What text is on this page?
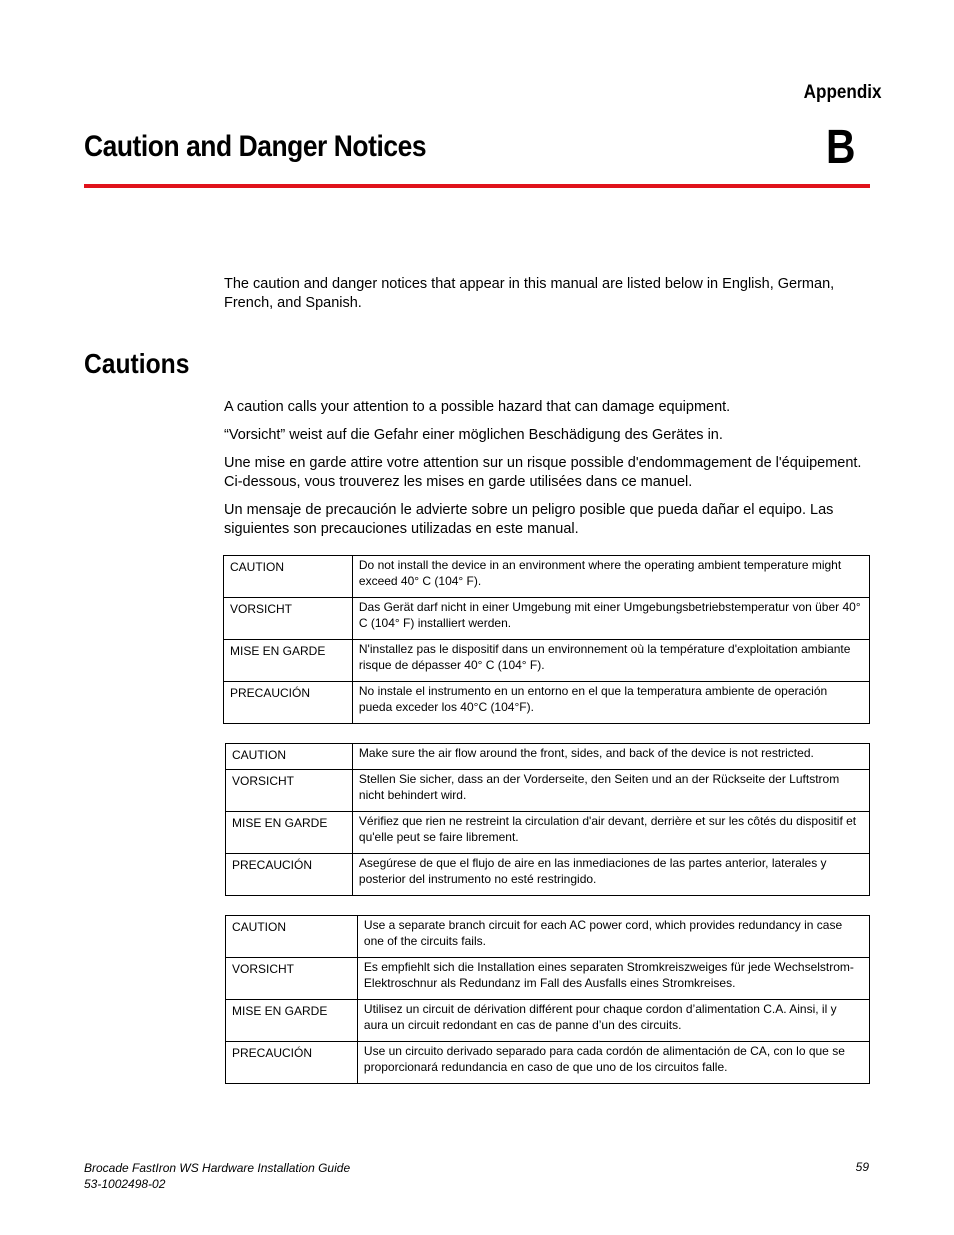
Appendix
Caution and Danger Notices	B

The caution and danger notices that appear in this manual are listed below in English, German, French, and Spanish.

Cautions

A caution calls your attention to a possible hazard that can damage equipment.

“Vorsicht” weist auf die Gefahr einer möglichen Beschädigung des Gerätes in.

Une mise en garde attire votre attention sur un risque possible d'endommagement de l'équipement. Ci-dessous, vous trouverez les mises en garde utilisées dans ce manuel.

Un mensaje de precaución le advierte sobre un peligro posible que pueda dañar el equipo. Las siguientes son precauciones utilizadas en este manual.

CAUTION	Do not install the device in an environment where the operating ambient temperature might exceed 40° C (104° F).
VORSICHT	Das Gerät darf nicht in einer Umgebung mit einer Umgebungsbetriebstemperatur von über 40° C (104° F) installiert werden.
MISE EN GARDE	N'installez pas le dispositif dans un environnement où la température d'exploitation ambiante risque de dépasser 40° C (104° F).
PRECAUCIÓN	No instale el instrumento en un entorno en el que la temperatura ambiente de operación pueda exceder los 40°C (104°F).
CAUTION	Make sure the air flow around the front, sides, and back of the device is not restricted.
VORSICHT	Stellen Sie sicher, dass an der Vorderseite, den Seiten und an der Rückseite der Luftstrom nicht behindert wird.
MISE EN GARDE	Vérifiez que rien ne restreint la circulation d'air devant, derrière et sur les côtés du dispositif et qu'elle peut se faire librement.
PRECAUCIÓN	Asegúrese de que el flujo de aire en las inmediaciones de las partes anterior, laterales y posterior del instrumento no esté restringido.
CAUTION	Use a separate branch circuit for each AC power cord, which provides redundancy in case one of the circuits fails.
VORSICHT	Es empfiehlt sich die Installation eines separaten Stromkreiszweiges für jede Wechselstrom-Elektroschnur als Redundanz im Fall des Ausfalls eines Stromkreises.
MISE EN GARDE	Utilisez un circuit de dérivation différent pour chaque cordon d’alimentation C.A. Ainsi, il y aura un circuit redondant en cas de panne d’un des circuits.
PRECAUCIÓN	Use un circuito derivado separado para cada cordón de alimentación de CA, con lo que se proporcionará redundancia en caso de que uno de los circuitos falle.
Brocade FastIron WS Hardware Installation Guide
53-1002498-02
59
